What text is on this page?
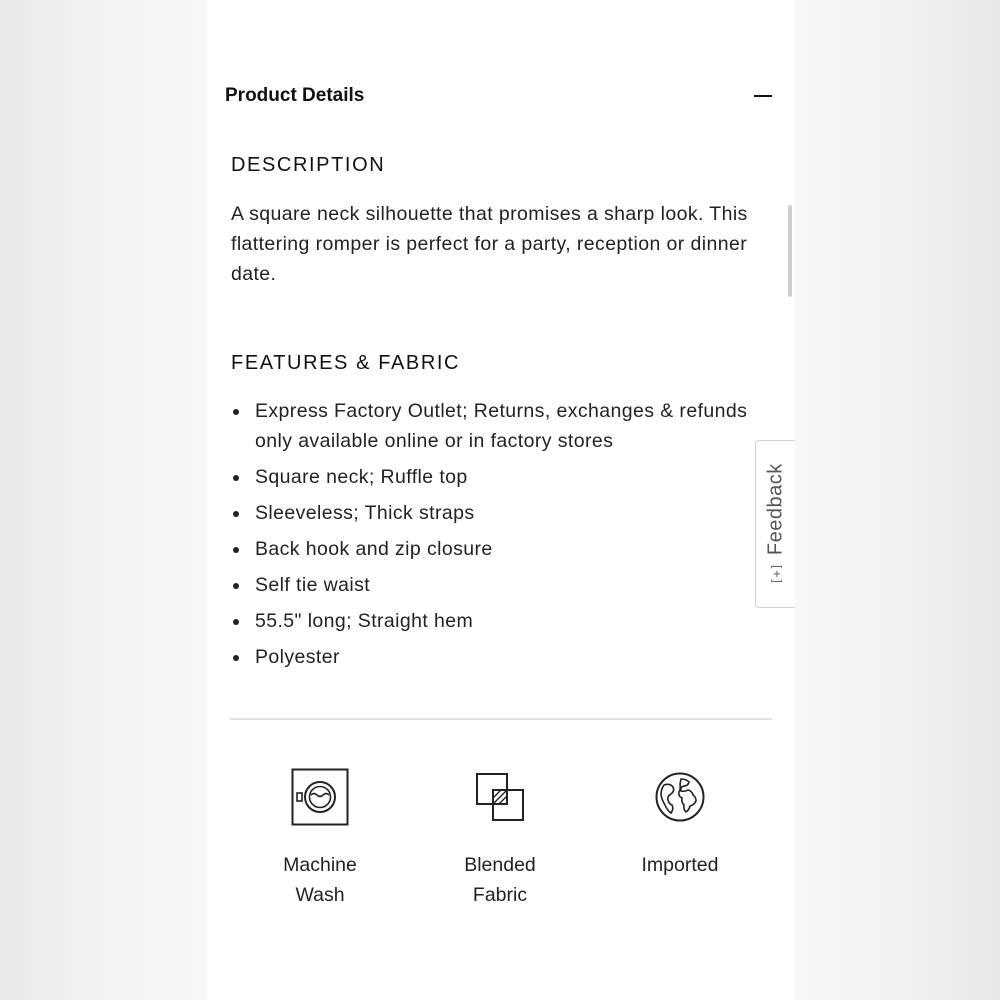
Product Details
DESCRIPTION
A square neck silhouette that promises a sharp look. This flattering romper is perfect for a party, reception or dinner date.
FEATURES & FABRIC
Express Factory Outlet; Returns, exchanges & refunds only available online or in factory stores
Square neck; Ruffle top
Sleeveless; Thick straps
Back hook and zip closure
Self tie waist
55.5" long; Straight hem
Polyester
Machine
Wash
Blended
Fabric
Imported
[+]
Feedback
